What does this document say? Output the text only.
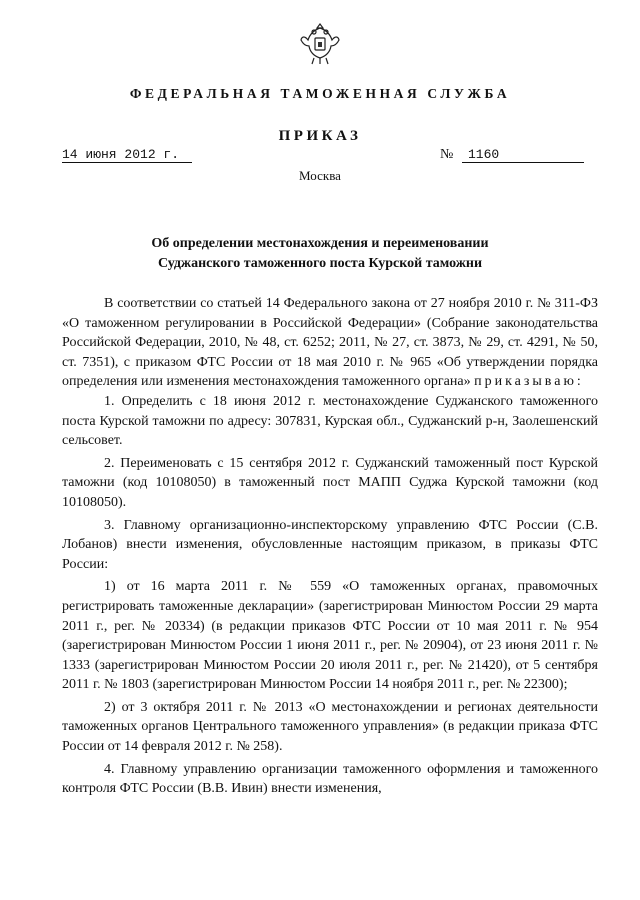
ФЕДЕРАЛЬНАЯ ТАМОЖЕННАЯ СЛУЖБА
ПРИКАЗ
14 июня 2012 г.	№	1160
Москва
Об определении местонахождения и переименовании
Суджанского таможенного поста Курской таможни

В соответствии со статьей 14 Федерального закона от 27 ноября 2010 г. № 311-ФЗ «О таможенном регулировании в Российской Федерации» (Собрание законодательства Российской Федерации, 2010, № 48, ст. 6252; 2011, № 27, ст. 3873, № 29, ст. 4291, № 50, ст. 7351), с приказом ФТС России от 18 мая 2010 г. № 965 «Об утверждении порядка определения или изменения местонахождения таможенного органа» приказываю:

1. Определить с 18 июня 2012 г. местонахождение Суджанского таможенного поста Курской таможни по адресу: 307831, Курская обл., Суджанский р-н, Заолешенский сельсовет.

2. Переименовать с 15 сентября 2012 г. Суджанский таможенный пост Курской таможни (код 10108050) в таможенный пост МАПП Суджа Курской таможни (код 10108050).

3. Главному организационно-инспекторскому управлению ФТС России (С.В. Лобанов) внести изменения, обусловленные настоящим приказом, в приказы ФТС России:

1) от 16 марта 2011 г. № 559 «О таможенных органах, правомочных регистрировать таможенные декларации» (зарегистрирован Минюстом России 29 марта 2011 г., рег. № 20334) (в редакции приказов ФТС России от 10 мая 2011 г. № 954 (зарегистрирован Минюстом России 1 июня 2011 г., рег. № 20904), от 23 июня 2011 г. № 1333 (зарегистрирован Минюстом России 20 июля 2011 г., рег. № 21420), от 5 сентября 2011 г. № 1803 (зарегистрирован Минюстом России 14 ноября 2011 г., рег. № 22300);

2) от 3 октября 2011 г. № 2013 «О местонахождении и регионах деятельности таможенных органов Центрального таможенного управления» (в редакции приказа ФТС России от 14 февраля 2012 г. № 258).

4. Главному управлению организации таможенного оформления и таможенного контроля ФТС России (В.В. Ивин) внести изменения,
